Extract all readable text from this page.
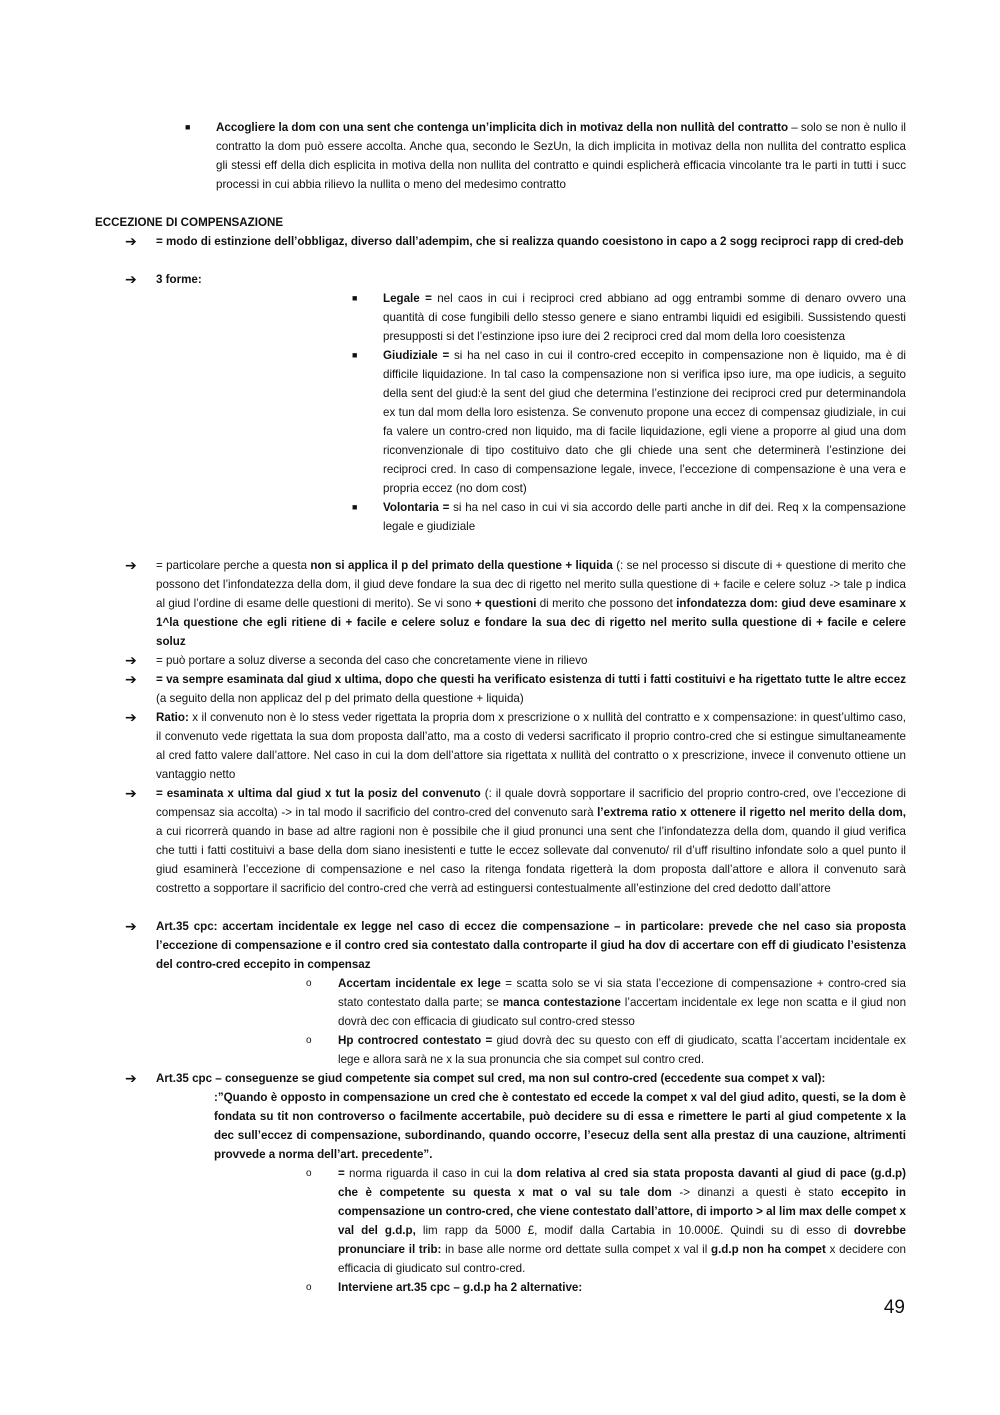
■ Accogliere la dom con una sent che contenga un’implicita dich in motivaz della non nullità del contratto – solo se non è nullo il contratto la dom può essere accolta. Anche qua, secondo le SezUn, la dich implicita in motivaz della non nullita del contratto esplica gli stessi eff della dich esplicita in motiva della non nullita del contratto e quindi esplicherà efficacia vincolante tra le parti in tutti i succ processi in cui abbia rilievo la nullita o meno del medesimo contratto
ECCEZIONE DI COMPENSAZIONE
➔ = modo di estinzione dell’obbligaz, diverso dall’adempim, che si realizza quando coesistono in capo a 2 sogg reciproci rapp di cred-deb
➔ 3 forme:
■ Legale = nel caos in cui i reciproci cred abbiano ad ogg entrambi somme di denaro ovvero una quantità di cose fungibili dello stesso genere e siano entrambi liquidi ed esigibili. Sussistendo questi presupposti si det l’estinzione ipso iure dei 2 reciproci cred dal mom della loro coesistenza
■ Giudiziale = si ha nel caso in cui il contro-cred eccepito in compensazione non è liquido, ma è di difficile liquidazione. In tal caso la compensazione non si verifica ipso iure, ma ope iudicis, a seguito della sent del giud:è la sent del giud che determina l’estinzione dei reciproci cred pur determinandola ex tun dal mom della loro esistenza. Se convenuto propone una eccez di compensaz giudiziale, in cui fa valere un contro-cred non liquido, ma di facile liquidazione, egli viene a proporre al giud una dom riconvenzionale di tipo costituivo dato che gli chiede una sent che determinerà l’estinzione dei reciproci cred. In caso di compensazione legale, invece, l’eccezione di compensazione è una vera e propria eccez (no dom cost)
■ Volontaria = si ha nel caso in cui vi sia accordo delle parti anche in dif dei. Req x la compensazione legale e giudiziale
➔ = particolare perche a questa non si applica il p del primato della questione + liquida (: se nel processo si discute di + questione di merito che possono det l’infondatezza della dom, il giud deve fondare la sua dec di rigetto nel merito sulla questione di + facile e celere soluz -> tale p indica al giud l’ordine di esame delle questioni di merito). Se vi sono + questioni di merito che possono det infondatezza dom: giud deve esaminare x 1^la questione che egli ritiene di + facile e celere soluz e fondare la sua dec di rigetto nel merito sulla questione di + facile e celere soluz
➔ = può portare a soluz diverse a seconda del caso che concretamente viene in rilievo
➔ = va sempre esaminata dal giud x ultima, dopo che questi ha verificato esistenza di tutti i fatti costituivi e ha rigettato tutte le altre eccez (a seguito della non applicaz del p del primato della questione + liquida)
➔ Ratio: x il convenuto non è lo stess veder rigettata la propria dom x prescrizione o x nullità del contratto e x compensazione: in quest’ultimo caso, il convenuto vede rigettata la sua dom proposta dall’atto, ma a costo di vedersi sacrificato il proprio contro-cred che si estingue simultaneamente al cred fatto valere dall’attore. Nel caso in cui la dom dell’attore sia rigettata x nullità del contratto o x prescrizione, invece il convenuto ottiene un vantaggio netto
➔ = esaminata x ultima dal giud x tut la posiz del convenuto (: il quale dovrà sopportare il sacrificio del proprio contro-cred, ove l’eccezione di compensaz sia accolta) -> in tal modo il sacrificio del contro-cred del convenuto sarà l’extrema ratio x ottenere il rigetto nel merito della dom, a cui ricorrerà quando in base ad altre ragioni non è possibile che il giud pronunci una sent che l’infondatezza della dom, quando il giud verifica che tutti i fatti costituivi a base della dom siano inesistenti e tutte le eccez sollevate dal convenuto/ ril d’uff risultino infondate solo a quel punto il giud esaminerà l’eccezione di compensazione e nel caso la ritenga fondata rigetterà la dom proposta dall’attore e allora il convenuto sarà costretto a sopportare il sacrificio del contro-cred che verrà ad estinguersi contestualmente all’estinzione del cred dedotto dall’attore
➔ Art.35 cpc: accertam incidentale ex legge nel caso di eccez die compensazione – in particolare: prevede che nel caso sia proposta l’eccezione di compensazione e il contro cred sia contestato dalla controparte il giud ha dov di accertare con eff di giudicato l’esistenza del contro-cred eccepito in compensaz
o Accertam incidentale ex lege = scatta solo se vi sia stata l’eccezione di compensazione + contro-cred sia stato contestato dalla parte; se manca contestazione l’accertam incidentale ex lege non scatta e il giud non dovrà dec con efficacia di giudicato sul contro-cred stesso
o Hp controcred contestato = giud dovrà dec su questo con eff di giudicato, scatta l’accertam incidentale ex lege e allora sarà ne x la sua pronuncia che sia compet sul contro cred.
➔ Art.35 cpc – conseguenze se giud competente sia compet sul cred, ma non sul contro-cred (eccedente sua compet x val):
:”Quando è opposto in compensazione un cred che è contestato ed eccede la compet x val del giud adito, questi, se la dom è fondata su tit non controverso o facilmente accertabile, può decidere su di essa e rimettere le parti al giud competente x la dec sull’eccez di compensazione, subordinando, quando occorre, l’esecuz della sent alla prestaz di una cauzione, altrimenti provvede a norma dell’art. precedente”.
o = norma riguarda il caso in cui la dom relativa al cred sia stata proposta davanti al giud di pace (g.d.p) che è competente su questa x mat o val su tale dom -> dinanzi a questi è stato eccepito in compensazione un contro-cred, che viene contestato dall’attore, di importo > al lim max delle compet x val del g.d.p, lim rapp da 5000 £, modif dalla Cartabia in 10.000£. Quindi su di esso di dovrebbe pronunciare il trib: in base alle norme ord dettate sulla compet x val il g.d.p non ha compet x decidere con efficacia di giudicato sul contro-cred.
o Interviene art.35 cpc – g.d.p ha 2 alternative:
49
